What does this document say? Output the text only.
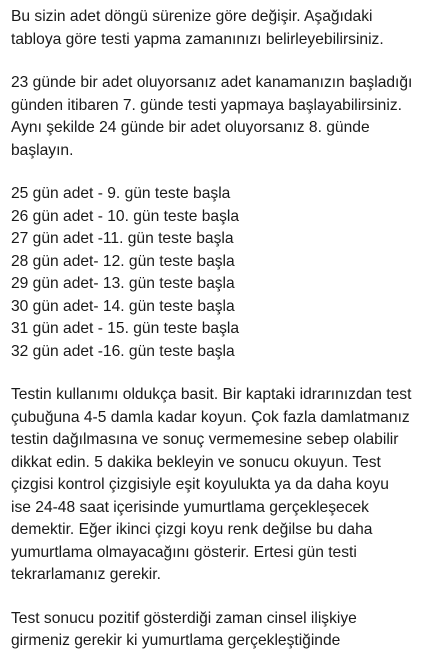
Bu sizin adet döngü sürenize göre değişir. Aşağıdaki tabloya göre testi yapma zamanınızı belirleyebilirsiniz.

23 günde bir adet oluyorsanız adet kanamanızın başladığı günden itibaren 7. günde testi yapmaya başlayabilirsiniz. Aynı şekilde 24 günde bir adet oluyorsanız 8. günde başlayın.

25 gün adet - 9. gün teste başla
26 gün adet - 10. gün teste başla
27 gün adet -11. gün teste başla
28 gün adet- 12. gün teste başla
29 gün adet- 13. gün teste başla
30 gün adet- 14. gün teste başla
31 gün adet - 15. gün teste başla
32 gün adet -16. gün teste başla

Testin kullanımı oldukça basit. Bir kaptaki idrarınızdan test çubuğuna 4-5 damla kadar koyun. Çok fazla damlatmanız testin dağılmasına ve sonuç vermemesine sebep olabilir dikkat edin. 5 dakika bekleyin ve sonucu okuyun. Test çizgisi kontrol çizgisiyle eşit koyulukta ya da daha koyu ise 24-48 saat içerisinde yumurtlama gerçekleşecek demektir. Eğer ikinci çizgi koyu renk değilse bu daha yumurtlama olmayacağını gösterir. Ertesi gün testi tekrarlamanız gerekir.

Test sonucu pozitif gösterdiği zaman cinsel ilişkiye girmeniz gerekir ki yumurtlama gerçekleştiğinde
